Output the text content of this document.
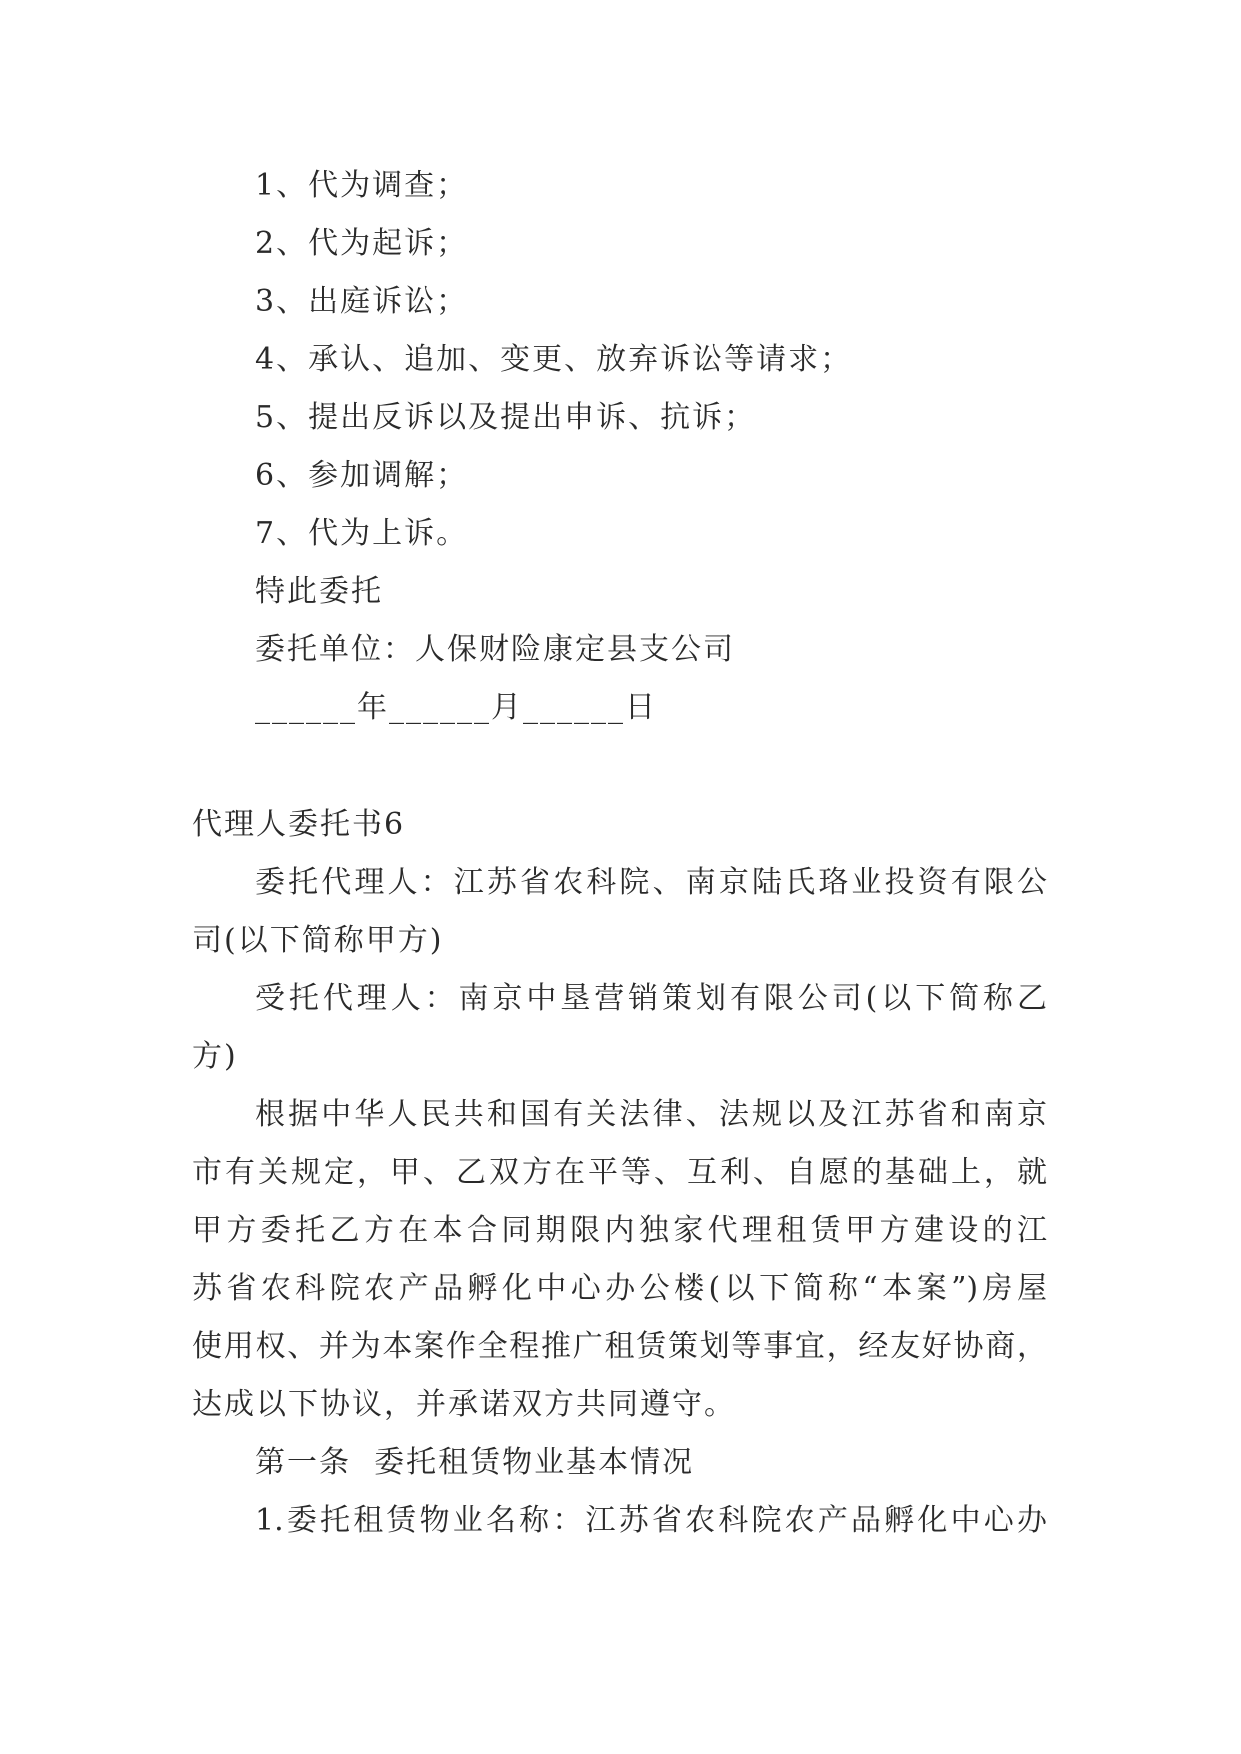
1、代为调查；
2、代为起诉；
3、出庭诉讼；
4、承认、追加、变更、放弃诉讼等请求；
5、提出反诉以及提出申诉、抗诉；
6、参加调解；
7、代为上诉。
特此委托
委托单位：人保财险康定县支公司
______年______月______日
代理人委托书6
委托代理人：江苏省农科院、南京陆氏珞业投资有限公
司(以下简称甲方)
受托代理人：南京中垦营销策划有限公司(以下简称乙
方)
根据中华人民共和国有关法律、法规以及江苏省和南京
市有关规定，甲、乙双方在平等、互利、自愿的基础上，就
甲方委托乙方在本合同期限内独家代理租赁甲方建设的江
苏省农科院农产品孵化中心办公楼(以下简称“本案”)房屋
使用权、并为本案作全程推广租赁策划等事宜，经友好协商，
达成以下协议，并承诺双方共同遵守。
第一条  委托租赁物业基本情况
1.委托租赁物业名称：江苏省农科院农产品孵化中心办
